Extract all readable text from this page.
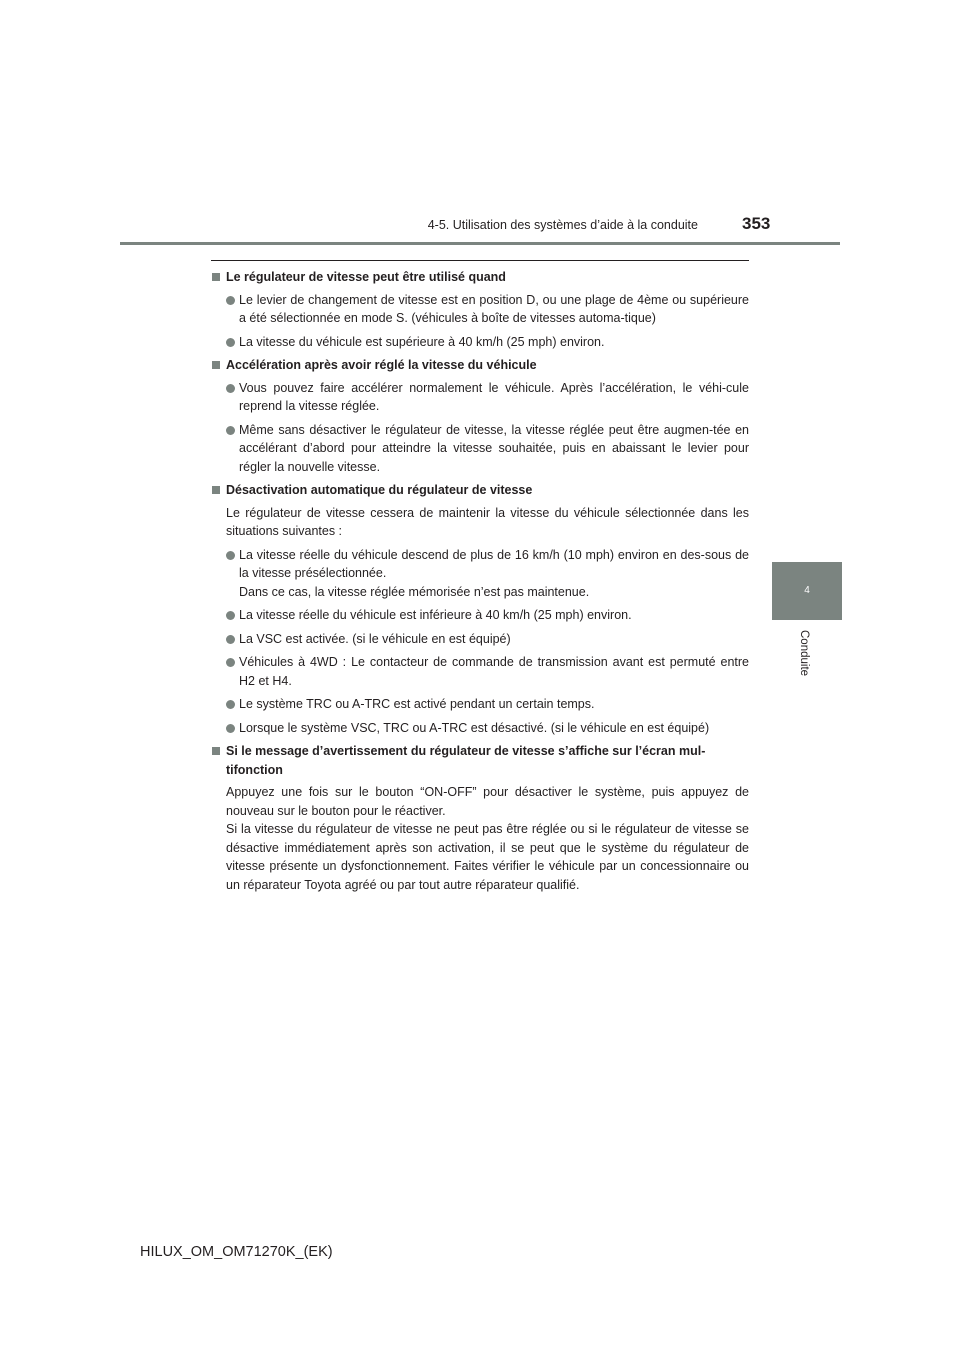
4-5. Utilisation des systèmes d’aide à la conduite	353
4
Conduite
Le régulateur de vitesse peut être utilisé quand
Le levier de changement de vitesse est en position D, ou une plage de 4ème ou supérieure a été sélectionnée en mode S. (véhicules à boîte de vitesses automa-tique)
La vitesse du véhicule est supérieure à 40 km/h (25 mph) environ.
Accélération après avoir réglé la vitesse du véhicule
Vous pouvez faire accélérer normalement le véhicule. Après l’accélération, le véhi-cule reprend la vitesse réglée.
Même sans désactiver le régulateur de vitesse, la vitesse réglée peut être augmen-tée en accélérant d’abord pour atteindre la vitesse souhaitée, puis en abaissant le levier pour régler la nouvelle vitesse.
Désactivation automatique du régulateur de vitesse
Le régulateur de vitesse cessera de maintenir la vitesse du véhicule sélectionnée dans les situations suivantes :
La vitesse réelle du véhicule descend de plus de 16 km/h (10 mph) environ en des-sous de la vitesse présélectionnée.
Dans ce cas, la vitesse réglée mémorisée n’est pas maintenue.
La vitesse réelle du véhicule est inférieure à 40 km/h (25 mph) environ.
La VSC est activée. (si le véhicule en est équipé)
Véhicules à 4WD : Le contacteur de commande de transmission avant est permuté entre H2 et H4.
Le système TRC ou A-TRC est activé pendant un certain temps.
Lorsque le système VSC, TRC ou A-TRC est désactivé. (si le véhicule en est équipé)
Si le message d’avertissement du régulateur de vitesse s’affiche sur l’écran mul-tifonction
Appuyez une fois sur le bouton “ON-OFF” pour désactiver le système, puis appuyez de nouveau sur le bouton pour le réactiver.
Si la vitesse du régulateur de vitesse ne peut pas être réglée ou si le régulateur de vitesse se désactive immédiatement après son activation, il se peut que le système du régulateur de vitesse présente un dysfonctionnement. Faites vérifier le véhicule par un concessionnaire ou un réparateur Toyota agréé ou par tout autre réparateur qualifié.
HILUX_OM_OM71270K_(EK)
